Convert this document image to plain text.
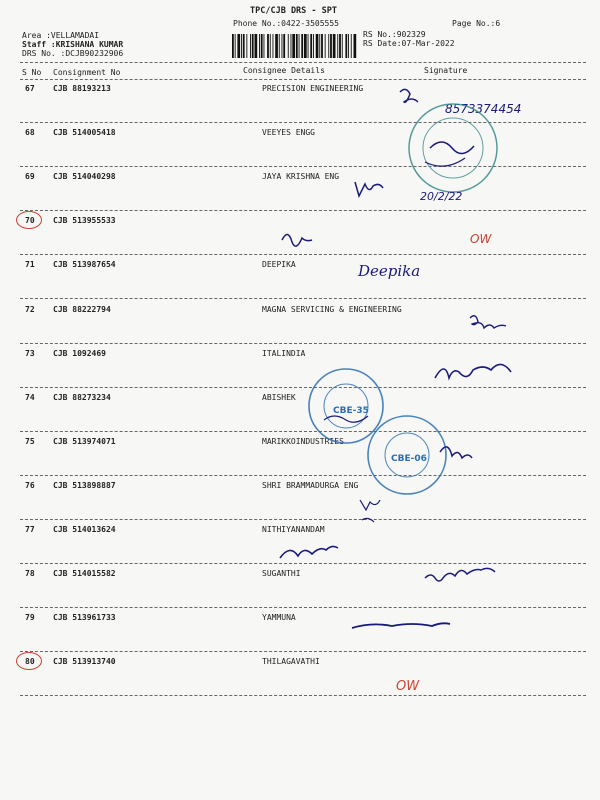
TPC/CJB DRS - SPT
Phone No.:0422-3505555	Page No.:6
Area :VELLAMADAI
Staff :KRISHANA KUMAR
DRS No. :DCJB90232906
RS No.:902329
RS Date:07-Mar-2022
S No Consignment No	Consignee Details	Signature
67 CJB 88193213	PRECISION ENGINEERING
68 CJB 514005418	VEEYES ENGG
69 CJB 514040298	JAYA KRISHNA ENG
70 CJB 513955533
71 CJB 513987654	DEEPIKA
72 CJB 88222794	MAGNA SERVICING & ENGINEERING
73 CJB 1092469	ITALINDIA
74 CJB 88273234	ABISHEK
75 CJB 513974071	MARIKKOINDUSTRIES
76 CJB 513898887	SHRI BRAMMADURGA ENG
77 CJB 514013624	NITHIYANANDAM
78 CJB 514015582	SUGANTHI
79 CJB 513961733	YAMMUNA
80 CJB 513913740	THILAGAVATHI
8573374454
20/2/22
OW
Deepika
CBE-35
CBE-06
OW
